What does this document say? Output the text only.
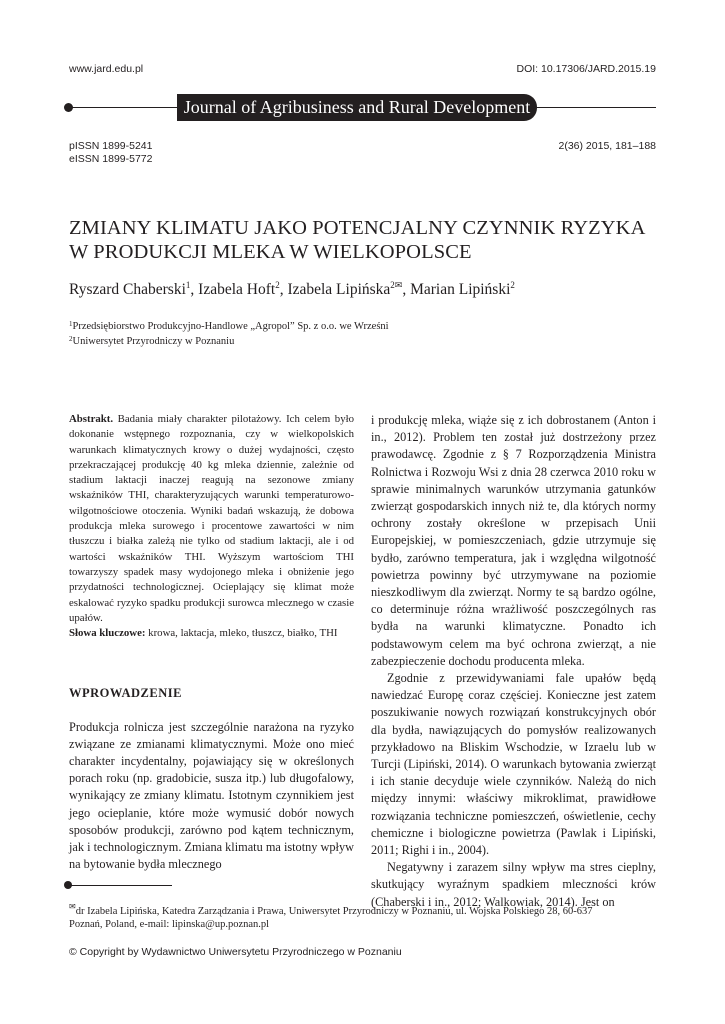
www.jard.edu.pl	DOI: 10.17306/JARD.2015.19
Journal of Agribusiness and Rural Development
pISSN 1899-5241
eISSN 1899-5772
2(36) 2015, 181–188
ZMIANY KLIMATU JAKO POTENCJALNY CZYNNIK RYZYKA
W PRODUKCJI MLEKA W WIELKOPOLSCE
Ryszard Chaberski$^1$, Izabela Hoft$^2$, Izabela Lipińska$^{2✉}$, Marian Lipiński$^2$
$^1$Przedsiębiorstwo Produkcyjno-Handlowe „Agropol” Sp. z o.o. we Wrześni
$^2$Uniwersytet Przyrodniczy w Poznaniu

Abstrakt. Badania miały charakter pilotażowy. Ich celem było dokonanie wstępnego rozpoznania, czy w wielkopolskich warunkach klimatycznych krowy o dużej wydajności, często przekraczającej produkcję 40 kg mleka dziennie, zależnie od stadium laktacji inaczej reagują na sezonowe zmiany wskaźników THI, charakteryzujących warunki temperaturowo-wilgotnościowe otoczenia. Wyniki badań wskazują, że dobowa produkcja mleka surowego i procentowe zawartości w nim tłuszczu i białka zależą nie tylko od stadium laktacji, ale i od wartości wskaźników THI. Wyższym wartościom THI towarzyszy spadek masy wydojonego mleka i obniżenie jego przydatności technologicznej. Ocieplający się klimat może eskalować ryzyko spadku produkcji surowca mlecznego w czasie upałów.

Słowa kluczowe: krowa, laktacja, mleko, tłuszcz, białko, THI

WPROWADZENIE

Produkcja rolnicza jest szczególnie narażona na ryzyko związane ze zmianami klimatycznymi. Może ono mieć charakter incydentalny, pojawiający się w określonych porach roku (np. gradobicie, susza itp.) lub długofalowy, wynikający ze zmiany klimatu. Istotnym czynnikiem jest jego ocieplanie, które może wymusić dobór nowych sposobów produkcji, zarówno pod kątem technicznym, jak i technologicznym. Zmiana klimatu ma istotny wpływ na bytowanie bydła mlecznego

i produkcję mleka, wiąże się z ich dobrostanem (Anton i in., 2012). Problem ten został już dostrzeżony przez prawodawcę. Zgodnie z § 7 Rozporządzenia Ministra Rolnictwa i Rozwoju Wsi z dnia 28 czerwca 2010 roku w sprawie minimalnych warunków utrzymania gatunków zwierząt gospodarskich innych niż te, dla których normy ochrony zostały określone w przepisach Unii Europejskiej, w pomieszczeniach, gdzie utrzymuje się bydło, zarówno temperatura, jak i względna wilgotność powietrza powinny być utrzymywane na poziomie nieszkodliwym dla zwierząt. Normy te są bardzo ogólne, co determinuje różna wrażliwość poszczególnych ras bydła na warunki klimatyczne. Ponadto ich podstawowym celem ma być ochrona zwierząt, a nie zabezpieczenie dochodu producenta mleka.

Zgodnie z przewidywaniami fale upałów będą nawiedzać Europę coraz częściej. Konieczne jest zatem poszukiwanie nowych rozwiązań konstrukcyjnych obór dla bydła, nawiązujących do pomysłów realizowanych przykładowo na Bliskim Wschodzie, w Izraelu lub w Turcji (Lipiński, 2014). O warunkach bytowania zwierząt i ich stanie decyduje wiele czynników. Należą do nich między innymi: właściwy mikroklimat, prawidłowe rozwiązania techniczne pomieszczeń, oświetlenie, cechy chemiczne i biologiczne powietrza (Pawlak i Lipiński, 2011; Righi i in., 2004).

Negatywny i zarazem silny wpływ ma stres cieplny, skutkujący wyraźnym spadkiem mleczności krów (Chaberski i in., 2012; Walkowiak, 2014). Jest on

✉dr Izabela Lipińska, Katedra Zarządzania i Prawa, Uniwersytet Przyrodniczy w Poznaniu, ul. Wojska Polskiego 28, 60-637
Poznań, Poland, e-mail: lipinska@up.poznan.pl
© Copyright by Wydawnictwo Uniwersytetu Przyrodniczego w Poznaniu
